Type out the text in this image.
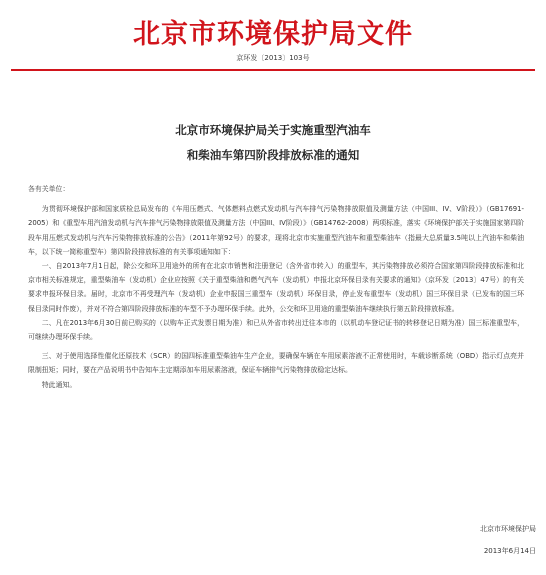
北京市环境保护局文件
京环发〔2013〕103号
北京市环境保护局关于实施重型汽油车
和柴油车第四阶段排放标准的通知

各有关单位：

为贯彻环境保护部和国家质检总局发布的《车用压燃式、气体燃料点燃式发动机与汽车排气污染物排放限值及测量方法（中国III、IV、V阶段）》（GB17691-2005）和《重型车用汽油发动机与汽车排气污染物排放限值及测量方法（中国III、IV阶段）》（GB14762-2008）两项标准，落实《环境保护部关于实施国家第四阶段车用压燃式发动机与汽车污染物排放标准的公告》（2011年第92号）的要求，现将北京市实施重型汽油车和重型柴油车（指最大总质量3.5吨以上汽油车和柴油车，以下统一简称重型车）第四阶段排放标准的有关事项通知如下：

一、自2013年7月1日起，除公交和环卫用途外的所有在北京市销售和注册登记（含外省市转入）的重型车，其污染物排放必须符合国家第四阶段排放标准和北京市相关标准规定，重型柴油车（发动机）企业应按照《关于重型柴油和燃气汽车（发动机）申报北京环保目录有关要求的通知》（京环发〔2013〕47号）的有关要求申报环保目录。届时，北京市不再受理汽车（发动机）企业申报国三重型车（发动机）环保目录，停止发布重型车（发动机）国三环保目录（已发布的国三环保目录同时作废），并对不符合第四阶段排放标准的车型不予办理环保手续。此外，公交和环卫用途的重型柴油车继续执行第五阶段排放标准。

二、凡在2013年6月30日前已购买的（以购车正式发票日期为准）和已从外省市转出迁往本市的（以机动车登记证书的转移登记日期为准）国三标准重型车，可继续办理环保手续。

三、对于使用选择性催化还原技术（SCR）的国四标准重型柴油车生产企业，要确保车辆在车用尿素溶液不正常使用时，车载诊断系统（OBD）指示灯点亮并限制扭矩；同时，要在产品说明书中告知车主定期添加车用尿素溶液，保证车辆排气污染物排放稳定达标。

特此通知。

北京市环境保护局
2013年6月14日
